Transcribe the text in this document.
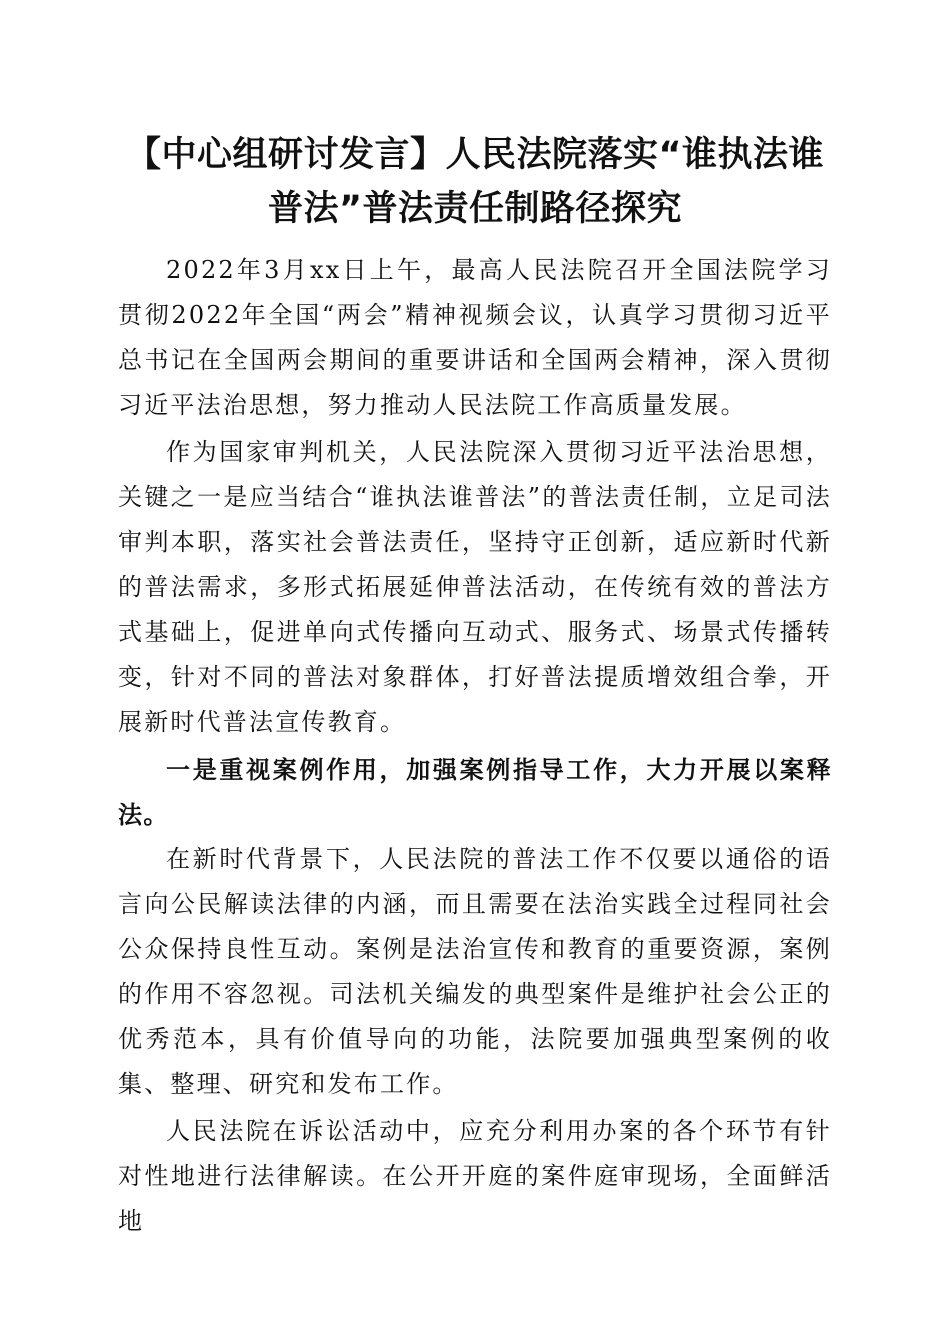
【中心组研讨发言】人民法院落实“谁执法谁
普法”普法责任制路径探究

2022年3月xx日上午，最高人民法院召开全国法院学习贯彻2022年全国“两会”精神视频会议，认真学习贯彻习近平总书记在全国两会期间的重要讲话和全国两会精神，深入贯彻习近平法治思想，努力推动人民法院工作高质量发展。

作为国家审判机关，人民法院深入贯彻习近平法治思想，关键之一是应当结合“谁执法谁普法”的普法责任制，立足司法审判本职，落实社会普法责任，坚持守正创新，适应新时代新的普法需求，多形式拓展延伸普法活动，在传统有效的普法方式基础上，促进单向式传播向互动式、服务式、场景式传播转变，针对不同的普法对象群体，打好普法提质增效组合拳，开展新时代普法宣传教育。

一是重视案例作用，加强案例指导工作，大力开展以案释法。

在新时代背景下，人民法院的普法工作不仅要以通俗的语言向公民解读法律的内涵，而且需要在法治实践全过程同社会公众保持良性互动。案例是法治宣传和教育的重要资源，案例的作用不容忽视。司法机关编发的典型案件是维护社会公正的优秀范本，具有价值导向的功能，法院要加强典型案例的收集、整理、研究和发布工作。

人民法院在诉讼活动中，应充分利用办案的各个环节有针对性地进行法律解读。在公开开庭的案件庭审现场，全面鲜活地
